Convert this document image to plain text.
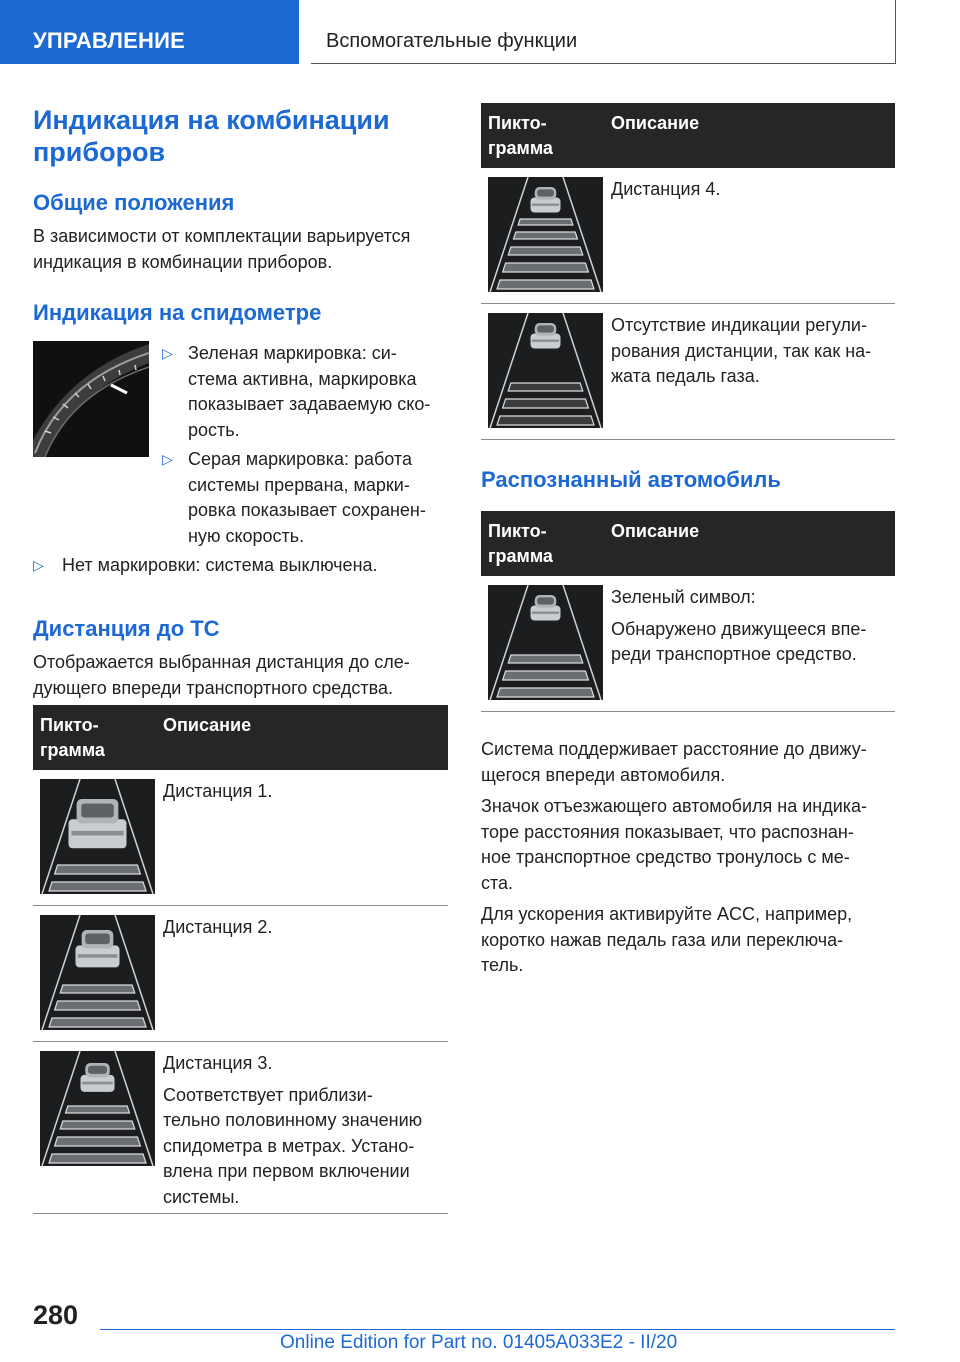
УПРАВЛЕНИЕ	Вспомогательные функции
Индикация на комбинации
приборов
Общие положения
В зависимости от комплектации варьируется
индикация в комбинации приборов.
Индикация на спидометре
▷ Зеленая маркировка: си-
стема активна, маркировка
показывает задаваемую ско-
рость.
▷ Серая маркировка: работа
системы прервана, марки-
ровка показывает сохранен-
ную скорость.
▷ Нет маркировки: система выключена.
Дистанция до ТС
Отображается выбранная дистанция до сле-
дующего впереди транспортного средства.
Пикто-
грамма
Описание
Дистанция 1.
Дистанция 2.
Дистанция 3.
Соответствует приблизи-
тельно половинному значению
спидометра в метрах. Устано-
влена при первом включении
системы.
Пикто-
грамма
Описание
Дистанция 4.
Отсутствие индикации регули-
рования дистанции, так как на-
жата педаль газа.
Распознанный автомобиль
Пикто-
грамма
Описание
Зеленый символ:
Обнаружено движущееся впе-
реди транспортное средство.
Система поддерживает расстояние до движу-
щегося впереди автомобиля.
Значок отъезжающего автомобиля на индика-
торе расстояния показывает, что распознан-
ное транспортное средство тронулось с ме-
ста.
Для ускорения активируйте ACC, например,
коротко нажав педаль газа или переключа-
тель.
280
Online Edition for Part no. 01405A033E2 - II/20
